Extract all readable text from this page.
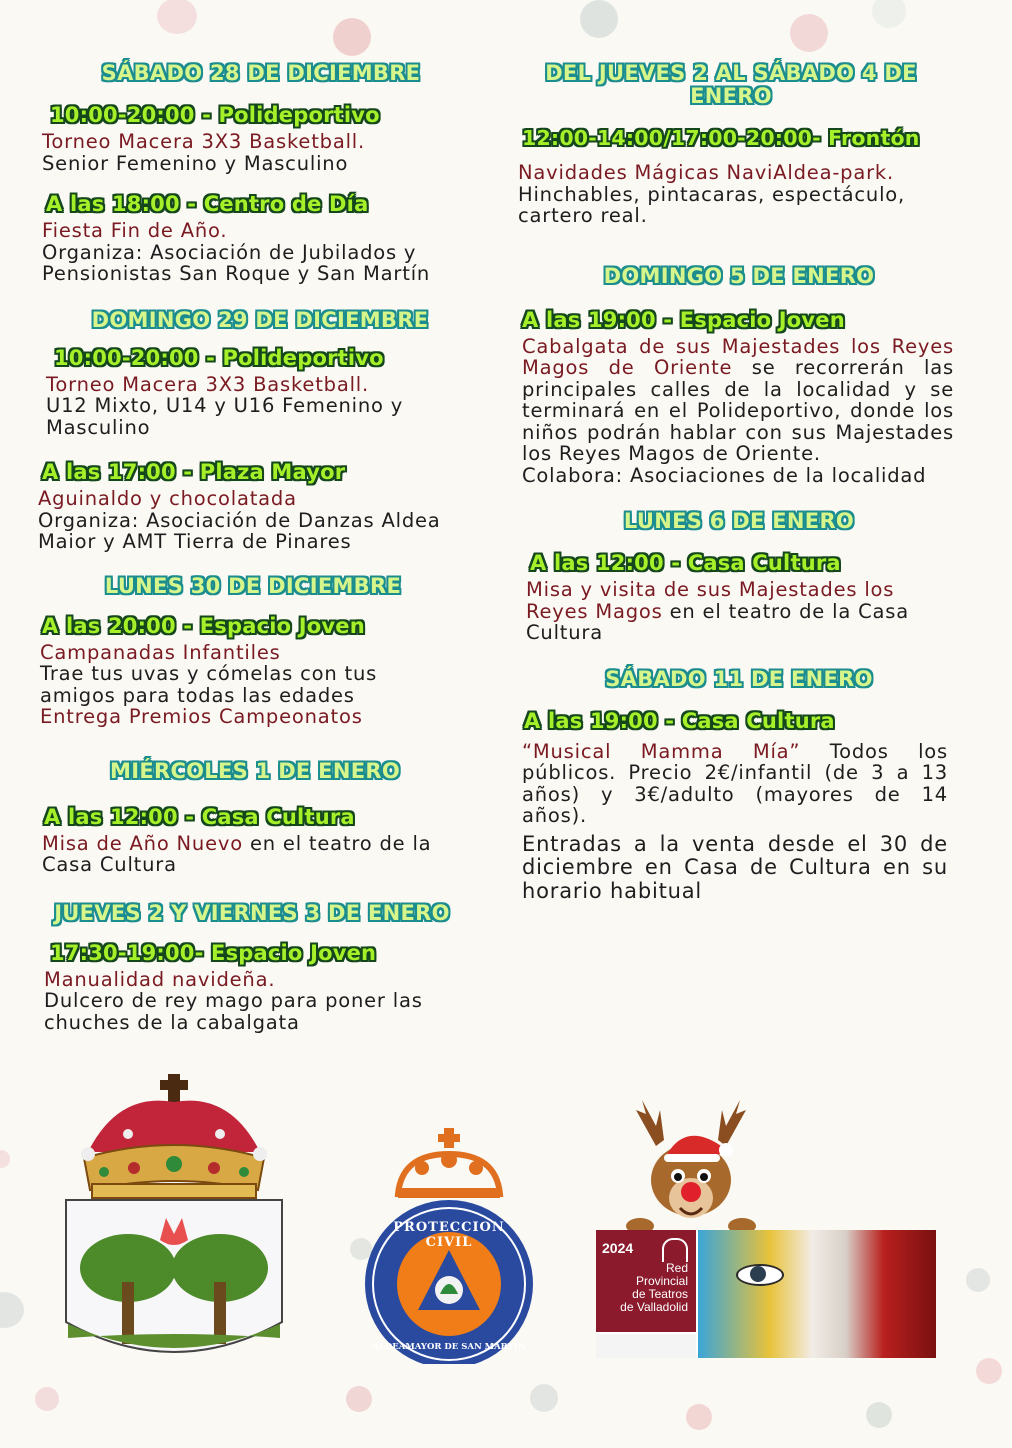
SÁBADO 28 DE DICIEMBRE
10:00-20:00 - Polideportivo
Torneo Macera 3X3 Basketball.
Senior Femenino y Masculino
A las 18:00 - Centro de Día
Fiesta Fin de Año.
Organiza: Asociación de Jubilados y Pensionistas San Roque y San Martín
DOMINGO 29 DE DICIEMBRE
10:00-20:00 - Polideportivo
Torneo Macera 3X3 Basketball.
U12 Mixto, U14 y U16 Femenino y Masculino
A las 17:00 - Plaza Mayor
Aguinaldo y chocolatada
Organiza: Asociación de Danzas Aldea Maior y AMT Tierra de Pinares
LUNES 30 DE DICIEMBRE
A las 20:00 - Espacio Joven
Campanadas Infantiles
Trae tus uvas y cómelas con tus amigos para todas las edades
Entrega Premios Campeonatos
MIÉRCOLES 1 DE ENERO
A las 12:00 - Casa Cultura
Misa de Año Nuevo en el teatro de la Casa Cultura
JUEVES 2 Y VIERNES 3 DE ENERO
17:30-19:00- Espacio Joven
Manualidad navideña.
Dulcero de rey mago para poner las chuches de la cabalgata
DEL JUEVES 2 AL SÁBADO 4 DE ENERO
12:00-14:00/17:00-20:00- Frontón
Navidades Mágicas NaviAldea-park.
Hinchables, pintacaras, espectáculo, cartero real.
DOMINGO 5 DE ENERO
A las 19:00 - Espacio Joven
Cabalgata de sus Majestades los Reyes Magos de Oriente se recorrerán las principales calles de la localidad y se terminará en el Polideportivo, donde los niños podrán hablar con sus Majestades los Reyes Magos de Oriente.
Colabora: Asociaciones de la localidad
LUNES 6 DE ENERO
A las 12:00 - Casa Cultura
Misa y visita de sus Majestades los Reyes Magos en el teatro de la Casa Cultura
SÁBADO 11 DE ENERO
A las 19:00 - Casa Cultura
“Musical Mamma Mía” Todos los públicos. Precio 2€/infantil (de 3 a 13 años) y 3€/adulto (mayores de 14 años).
Entradas a la venta desde el 30 de diciembre en Casa de Cultura en su horario habitual
PROTECCION CIVIL
ALDEAMAYOR DE SAN MARTIN
2024
Red
Provincial
de Teatros
de Valladolid
